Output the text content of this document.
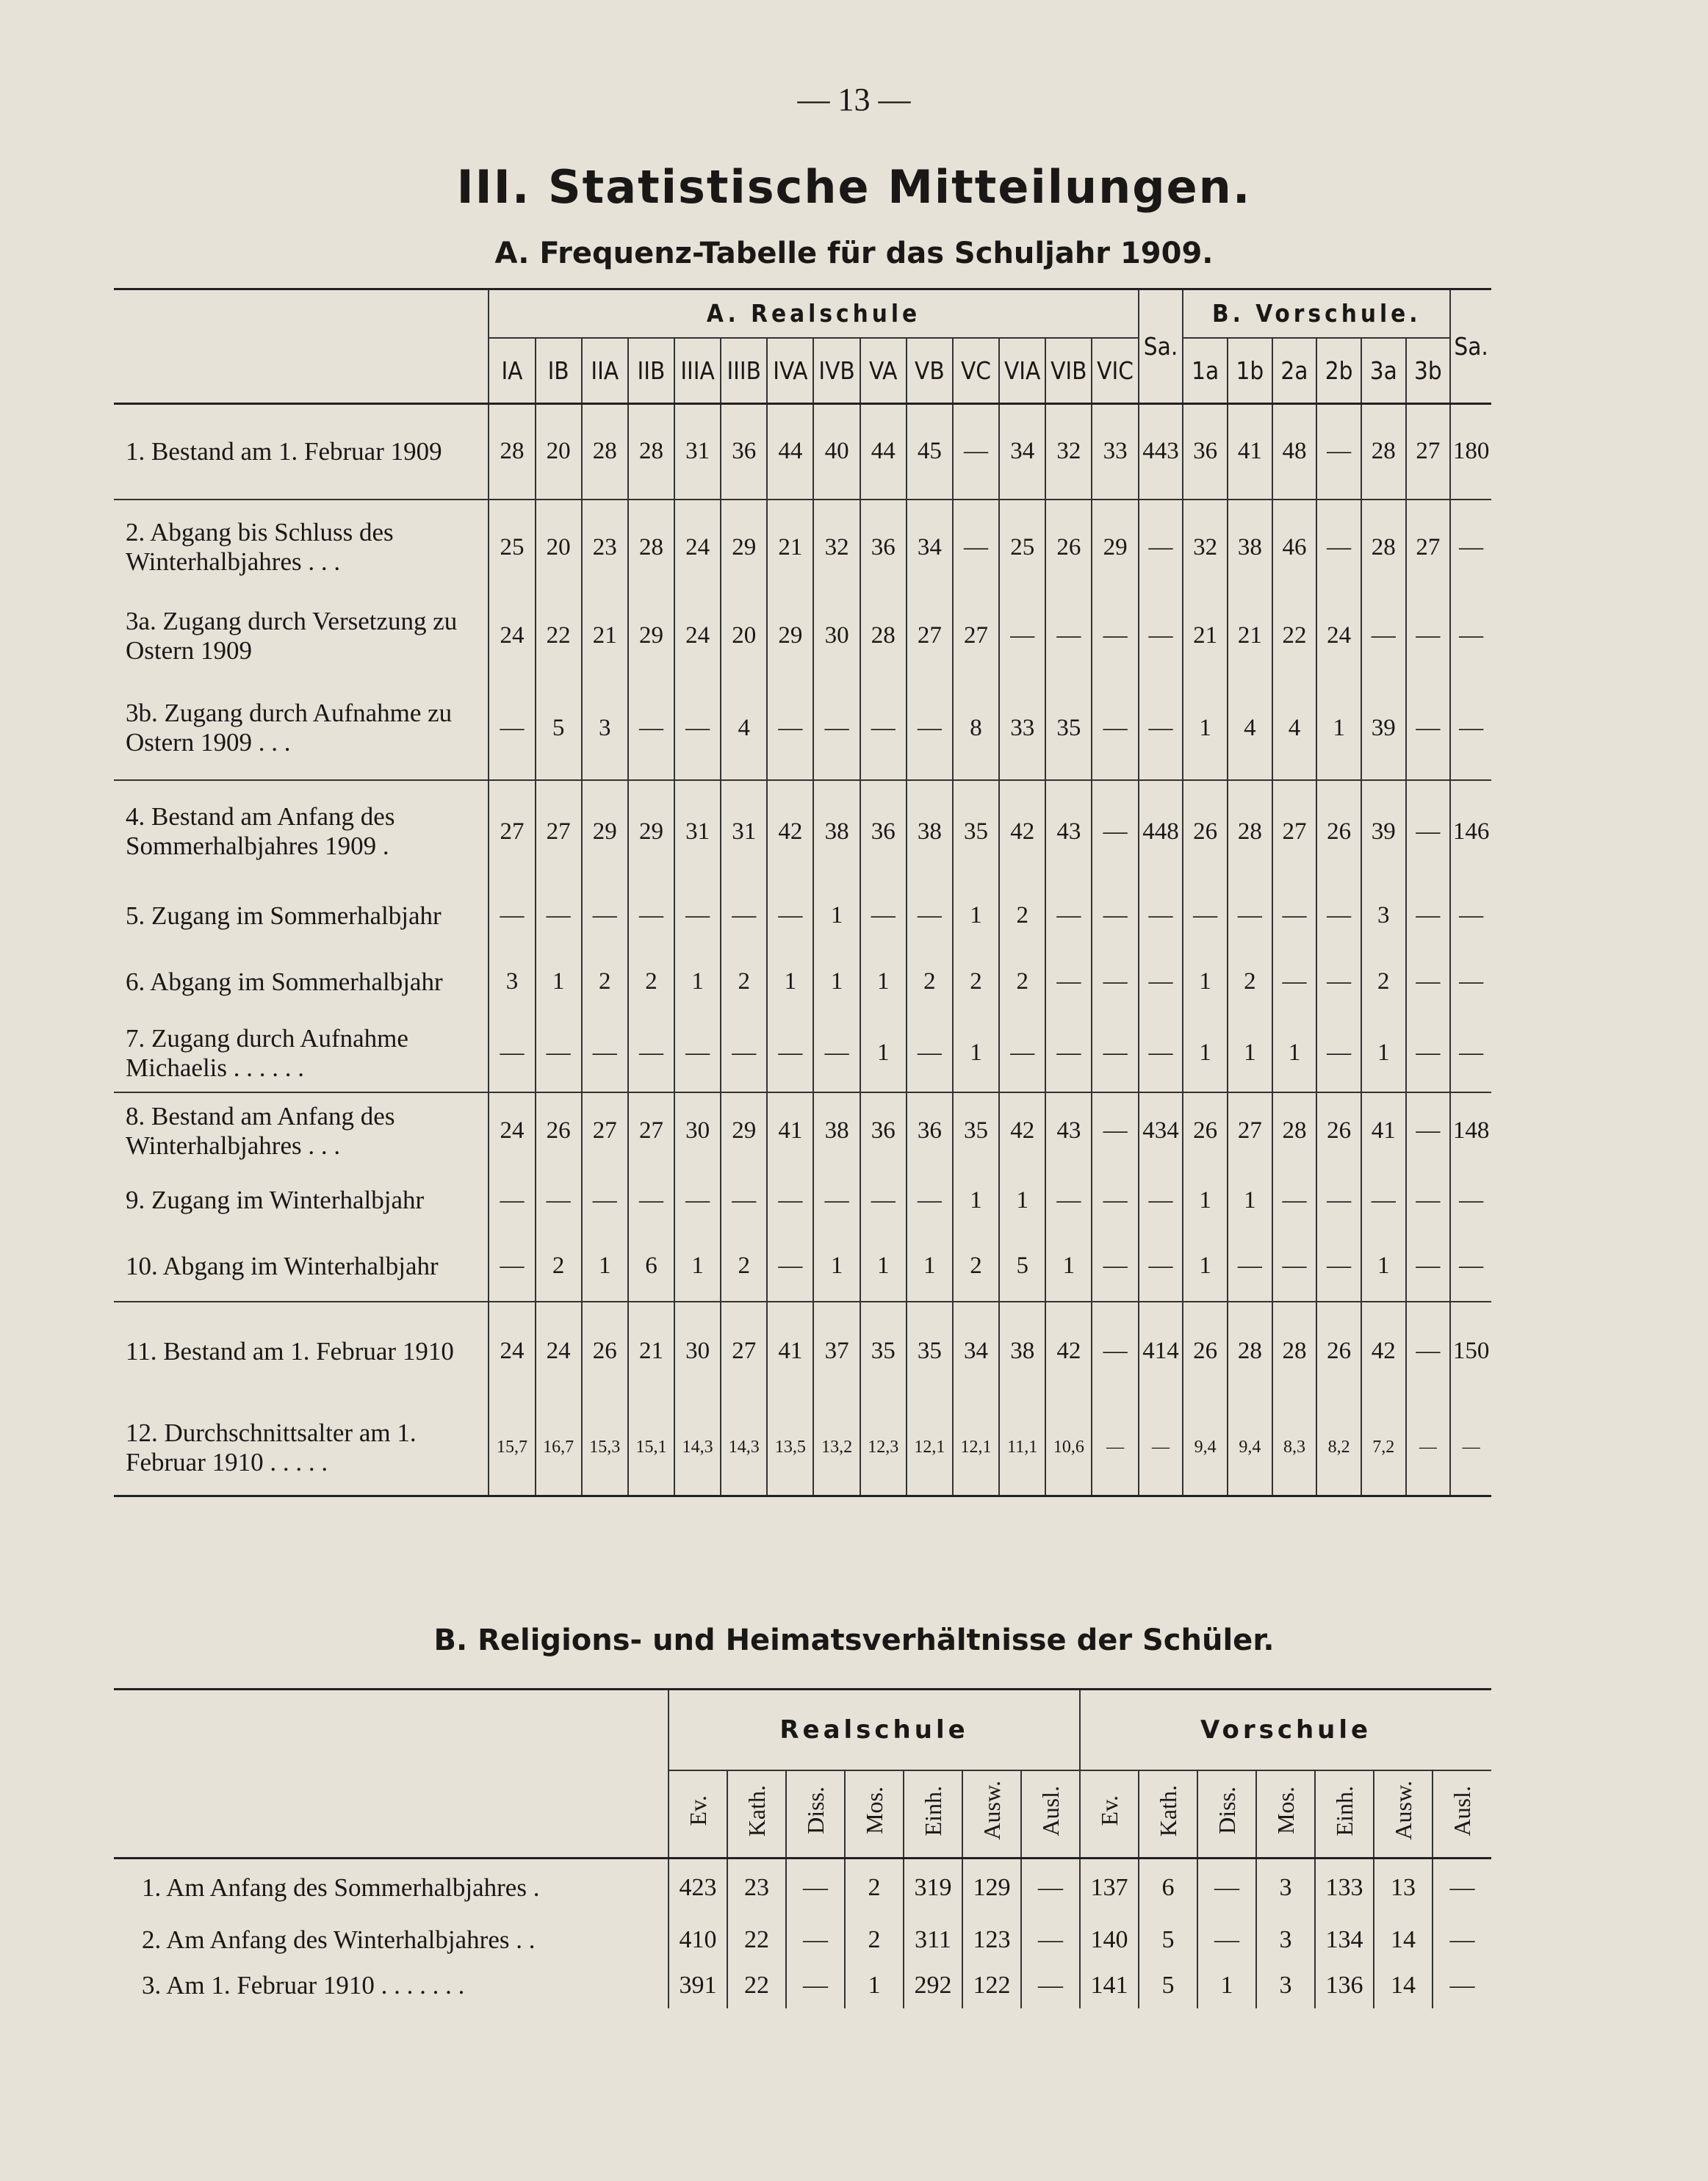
— 13 —
III. Statistische Mitteilungen.
A. Frequenz-Tabelle für das Schuljahr 1909.
	A. Realschule														Sa.	B. Vorschule.						Sa.
	IA	IB	IIA	IIB	IIIA	IIIB	IVA	IVB	VA	VB	VC	VIA	VIB	VIC		1a	1b	2a	2b	3a	3b	
1. Bestand am 1. Februar 1909	28	20	28	28	31	36	44	40	44	45	—	34	32	33	443	36	41	48	—	28	27	180
2. Abgang bis Schluss des Winterhalbjahres . . .	25	20	23	28	24	29	21	32	36	34	—	25	26	29	—	32	38	46	—	28	27	—
3a. Zugang durch Versetzung zu Ostern 1909	24	22	21	29	24	20	29	30	28	27	27	—	—	—	—	21	21	22	24	—	—	—
3b. Zugang durch Aufnahme zu Ostern 1909 . . .	—	5	3	—	—	4	—	—	—	—	8	33	35	—	—	1	4	4	1	39	—	—
4. Bestand am Anfang des Sommerhalbjahres 1909 .	27	27	29	29	31	31	42	38	36	38	35	42	43	—	448	26	28	27	26	39	—	146
5. Zugang im Sommerhalbjahr	—	—	—	—	—	—	—	1	—	—	1	2	—	—	—	—	—	—	—	3	—	—
6. Abgang im Sommerhalbjahr	3	1	2	2	1	2	1	1	1	2	2	2	—	—	—	1	2	—	—	2	—	—
7. Zugang durch Aufnahme Michaelis . . . . . .	—	—	—	—	—	—	—	—	1	—	1	—	—	—	—	1	1	1	—	1	—	—
8. Bestand am Anfang des Winterhalbjahres . . .	24	26	27	27	30	29	41	38	36	36	35	42	43	—	434	26	27	28	26	41	—	148
9. Zugang im Winterhalbjahr	—	—	—	—	—	—	—	—	—	—	1	1	—	—	—	1	1	—	—	—	—	—
10. Abgang im Winterhalbjahr	—	2	1	6	1	2	—	1	1	1	2	5	1	—	—	1	—	—	—	1	—	—
11. Bestand am 1. Februar 1910	24	24	26	21	30	27	41	37	35	35	34	38	42	—	414	26	28	28	26	42	—	150
12. Durchschnittsalter am 1. Februar 1910 . . . . .	15,7	16,7	15,3	15,1	14,3	14,3	13,5	13,2	12,3	12,1	12,1	11,1	10,6	—	—	9,4	9,4	8,3	8,2	7,2	—	—
B. Religions- und Heimatsverhältnisse der Schüler.
	Realschule							Vorschule						
	Ev.	Kath.	Diss.	Mos.	Einh.	Ausw.	Ausl.	Ev.	Kath.	Diss.	Mos.	Einh.	Ausw.	Ausl.
1. Am Anfang des Sommerhalbjahres .	423	23	—	2	319	129	—	137	6	—	3	133	13	—
2. Am Anfang des Winterhalbjahres . .	410	22	—	2	311	123	—	140	5	—	3	134	14	—
3. Am 1. Februar 1910 . . . . . . .	391	22	—	1	292	122	—	141	5	1	3	136	14	—
